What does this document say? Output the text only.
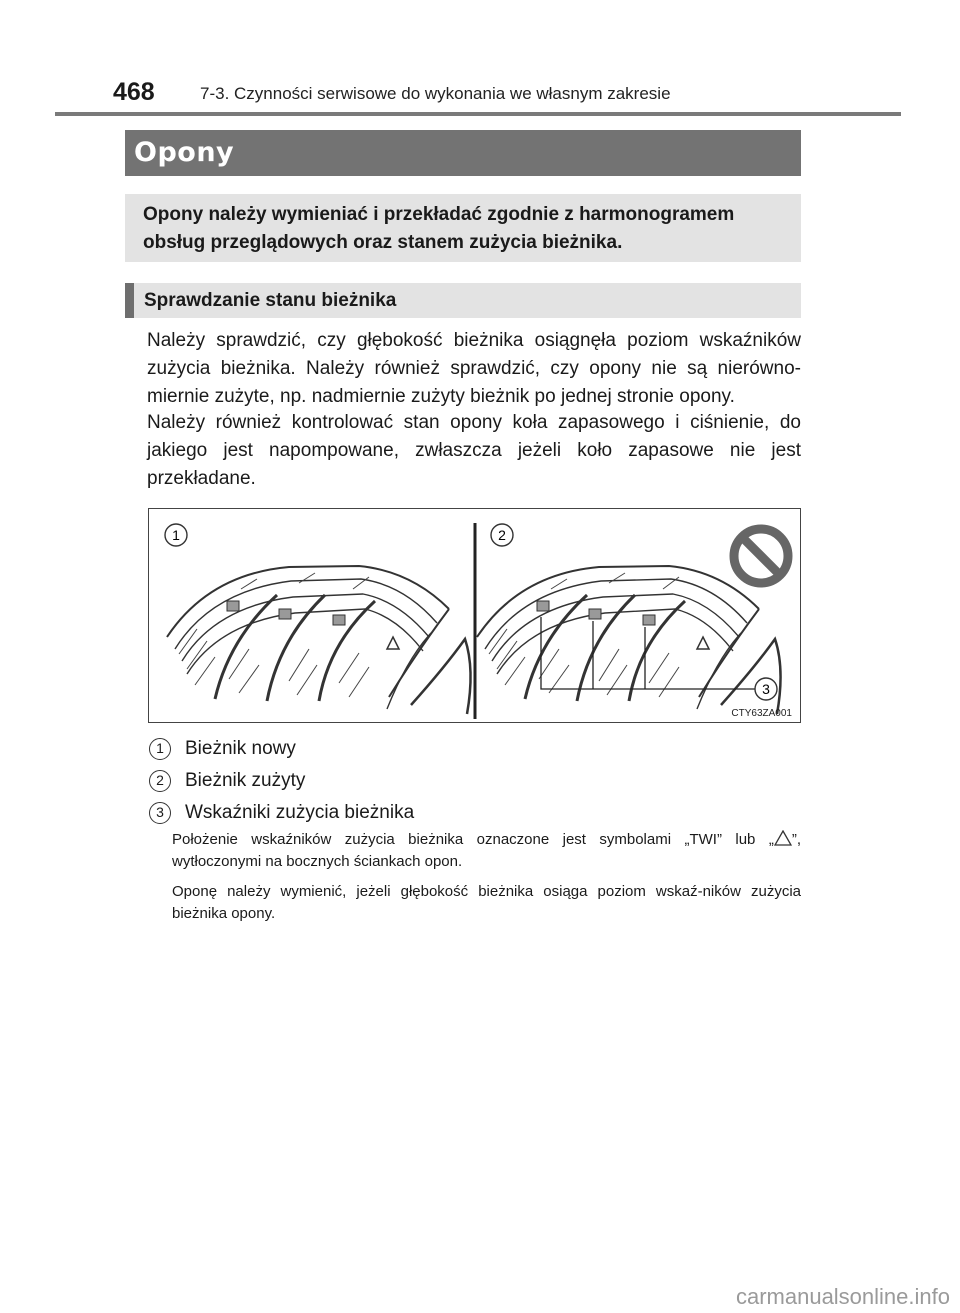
468	7-3. Czynności serwisowe do wykonania we własnym zakresie
Opony
Opony należy wymieniać i przekładać zgodnie z harmonogramem obsług przeglądowych oraz stanem zużycia bieżnika.
Sprawdzanie stanu bieżnika

Należy sprawdzić, czy głębokość bieżnika osiągnęła poziom wskaźników zużycia bieżnika. Należy również sprawdzić, czy opony nie są nierówno-miernie zużyte, np. nadmiernie zużyty bieżnik po jednej stronie opony.

Należy również kontrolować stan opony koła zapasowego i ciśnienie, do jakiego jest napompowane, zwłaszcza jeżeli koło zapasowe nie jest przekładane.

1	2
3
CTY63ZA001
1	Bieżnik nowy
2	Bieżnik zużyty
3	Wskaźniki zużycia bieżnika

Położenie wskaźników zużycia bieżnika oznaczone jest symbolami „TWI” lub „ ”, wytłoczonymi na bocznych ściankach opon.

Oponę należy wymienić, jeżeli głębokość bieżnika osiąga poziom wskaź-ników zużycia bieżnika opony.

carmanualsonline.info
